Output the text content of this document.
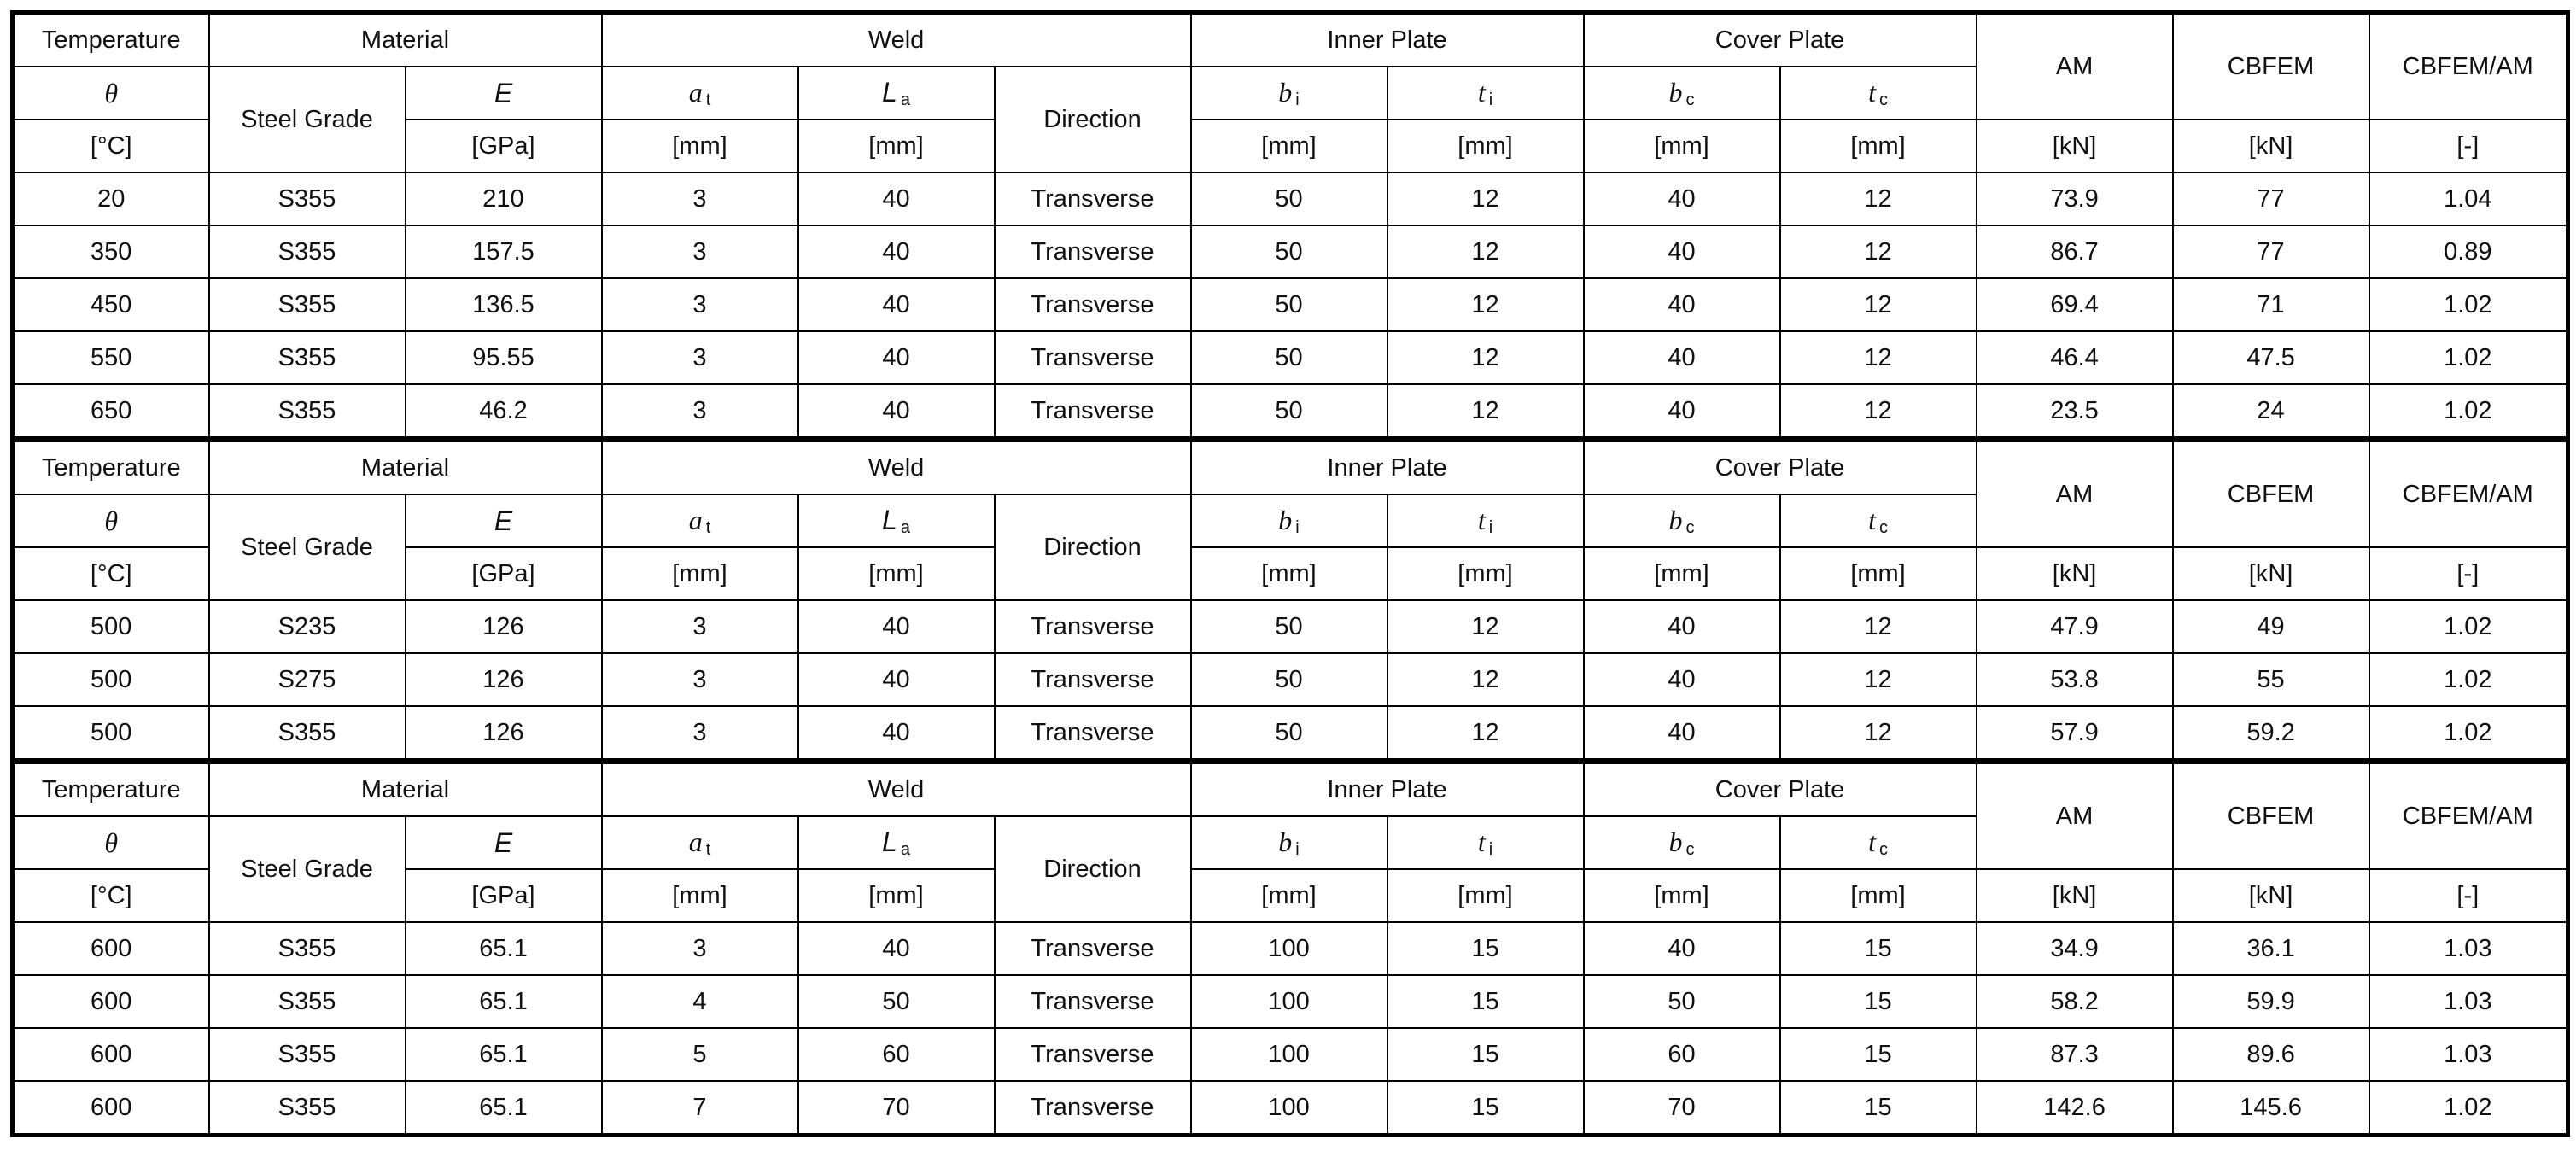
Temperature	Material		Weld			Inner Plate		Cover Plate		AM	CBFEM	CBFEM/AM
θ	Steel Grade	E	a $_t$	L $_a$	Direction	b $_i$	t $_i$	b $_c$	t $_c$
[°C]		[GPa]	[mm]	[mm]		[mm]	[mm]	[mm]	[mm]	[kN]	[kN]	[-]
20	S355	210	3	40	Transverse	50	12	40	12	73.9	77	1.04
350	S355	157.5	3	40	Transverse	50	12	40	12	86.7	77	0.89
450	S355	136.5	3	40	Transverse	50	12	40	12	69.4	71	1.02
550	S355	95.55	3	40	Transverse	50	12	40	12	46.4	47.5	1.02
650	S355	46.2	3	40	Transverse	50	12	40	12	23.5	24	1.02
Temperature	Material		Weld			Inner Plate		Cover Plate		AM	CBFEM	CBFEM/AM
θ	Steel Grade	E	a $_t$	L $_a$	Direction	b $_i$	t $_i$	b $_c$	t $_c$
[°C]		[GPa]	[mm]	[mm]		[mm]	[mm]	[mm]	[mm]	[kN]	[kN]	[-]
500	S235	126	3	40	Transverse	50	12	40	12	47.9	49	1.02
500	S275	126	3	40	Transverse	50	12	40	12	53.8	55	1.02
500	S355	126	3	40	Transverse	50	12	40	12	57.9	59.2	1.02
Temperature	Material		Weld			Inner Plate		Cover Plate		AM	CBFEM	CBFEM/AM
θ	Steel Grade	E	a $_t$	L $_a$	Direction	b $_i$	t $_i$	b $_c$	t $_c$
[°C]		[GPa]	[mm]	[mm]		[mm]	[mm]	[mm]	[mm]	[kN]	[kN]	[-]
600	S355	65.1	3	40	Transverse	100	15	40	15	34.9	36.1	1.03
600	S355	65.1	4	50	Transverse	100	15	50	15	58.2	59.9	1.03
600	S355	65.1	5	60	Transverse	100	15	60	15	87.3	89.6	1.03
600	S355	65.1	7	70	Transverse	100	15	70	15	142.6	145.6	1.02
